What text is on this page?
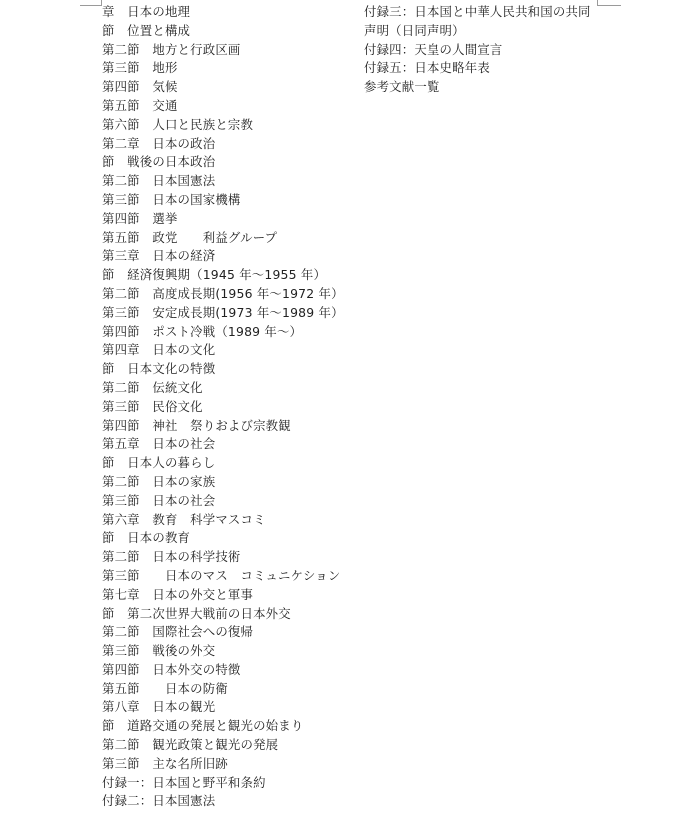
章　日本の地理
節　位置と構成
第二節　地方と行政区画
第三節　地形
第四節　気候
第五節　交通
第六節　人口と民族と宗教
第二章　日本の政治
節　戦後の日本政治
第二節　日本国憲法
第三節　日本の国家機構
第四節　選挙
第五節　政党　　利益グループ
第三章　日本の経済
節　経済復興期（1945 年～1955 年）
第二節　高度成長期(1956 年～1972 年）
第三節　安定成長期(1973 年～1989 年）
第四節　ポスト冷戦（1989 年～）
第四章　日本の文化
節　日本文化の特徴
第二節　伝統文化
第三節　民俗文化
第四節　神社　祭りおよび宗教観
第五章　日本の社会
節　日本人の暮らし
第二節　日本の家族
第三節　日本の社会
第六章　教育　科学マスコミ
節　日本の教育
第二節　日本の科学技術
第三節　　日本のマス　コミュニケション
第七章　日本の外交と軍事
節　第二次世界大戦前の日本外交
第二節　国際社会への復帰
第三節　戦後の外交
第四節　日本外交の特徴
第五節　　日本の防衛
第八章　日本の観光
節　道路交通の発展と観光の始まり
第二節　観光政策と観光の発展
第三節　主な名所旧跡
付録一：日本国と野平和条約
付録二：日本国憲法
付録三：日本国と中華人民共和国の共同声明（日同声明）
付録四：天皇の人間宣言
付録五：日本史略年表
参考文献一覧
